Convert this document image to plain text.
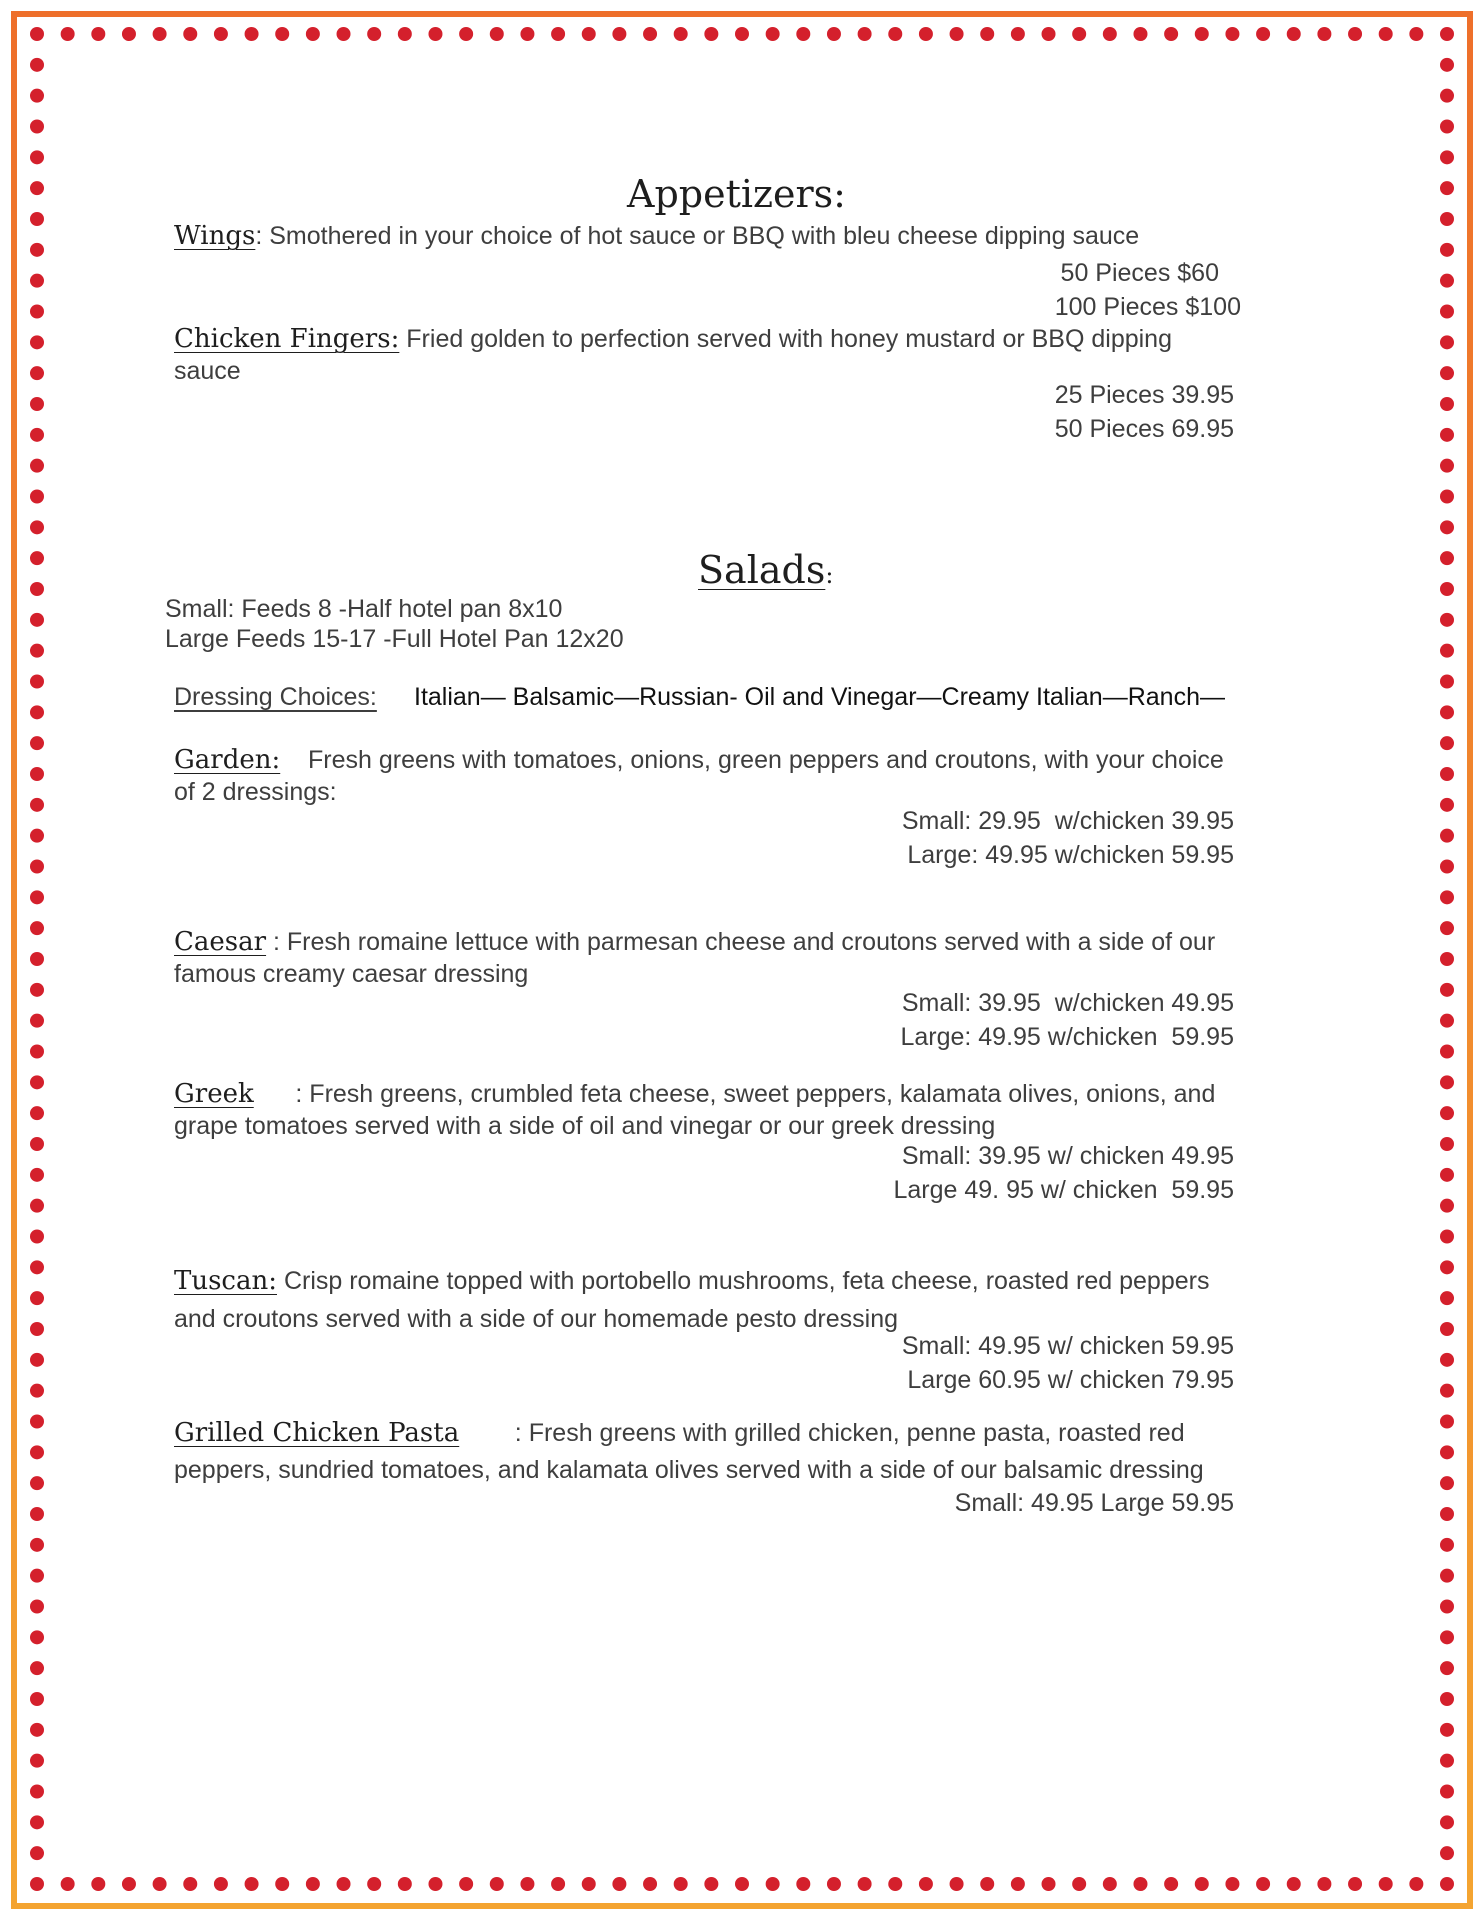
Appetizers:
Wings: Smothered in your choice of hot sauce or BBQ with bleu cheese dipping sauce
50 Pieces $60
100 Pieces $100
Chicken Fingers: Fried golden to perfection served with honey mustard or BBQ dipping sauce
25 Pieces 39.95
50 Pieces 69.95
Salads:
Small: Feeds 8 -Half hotel pan 8x10
Large Feeds 15-17 -Full Hotel Pan 12x20
Dressing Choices:	Italian— Balsamic—Russian- Oil and Vinegar—Creamy Italian—Ranch—
Garden:    Fresh greens with tomatoes, onions, green peppers and croutons, with your choice of 2 dressings:
Small: 29.95  w/chicken 39.95
Large: 49.95 w/chicken 59.95
Caesar : Fresh romaine lettuce with parmesan cheese and croutons served with a side of our famous creamy caesar dressing
Small: 39.95  w/chicken 49.95
Large: 49.95 w/chicken  59.95
Greek      : Fresh greens, crumbled feta cheese, sweet peppers, kalamata olives, onions, and grape tomatoes served with a side of oil and vinegar or our greek dressing
Small: 39.95 w/ chicken 49.95
Large 49. 95 w/ chicken  59.95
Tuscan: Crisp romaine topped with portobello mushrooms, feta cheese, roasted red peppers and croutons served with a side of our homemade pesto dressing
Small: 49.95 w/ chicken 59.95
Large 60.95 w/ chicken 79.95
Grilled Chicken Pasta        : Fresh greens with grilled chicken, penne pasta, roasted red peppers, sundried tomatoes, and kalamata olives served with a side of our balsamic dressing
Small: 49.95 Large 59.95
